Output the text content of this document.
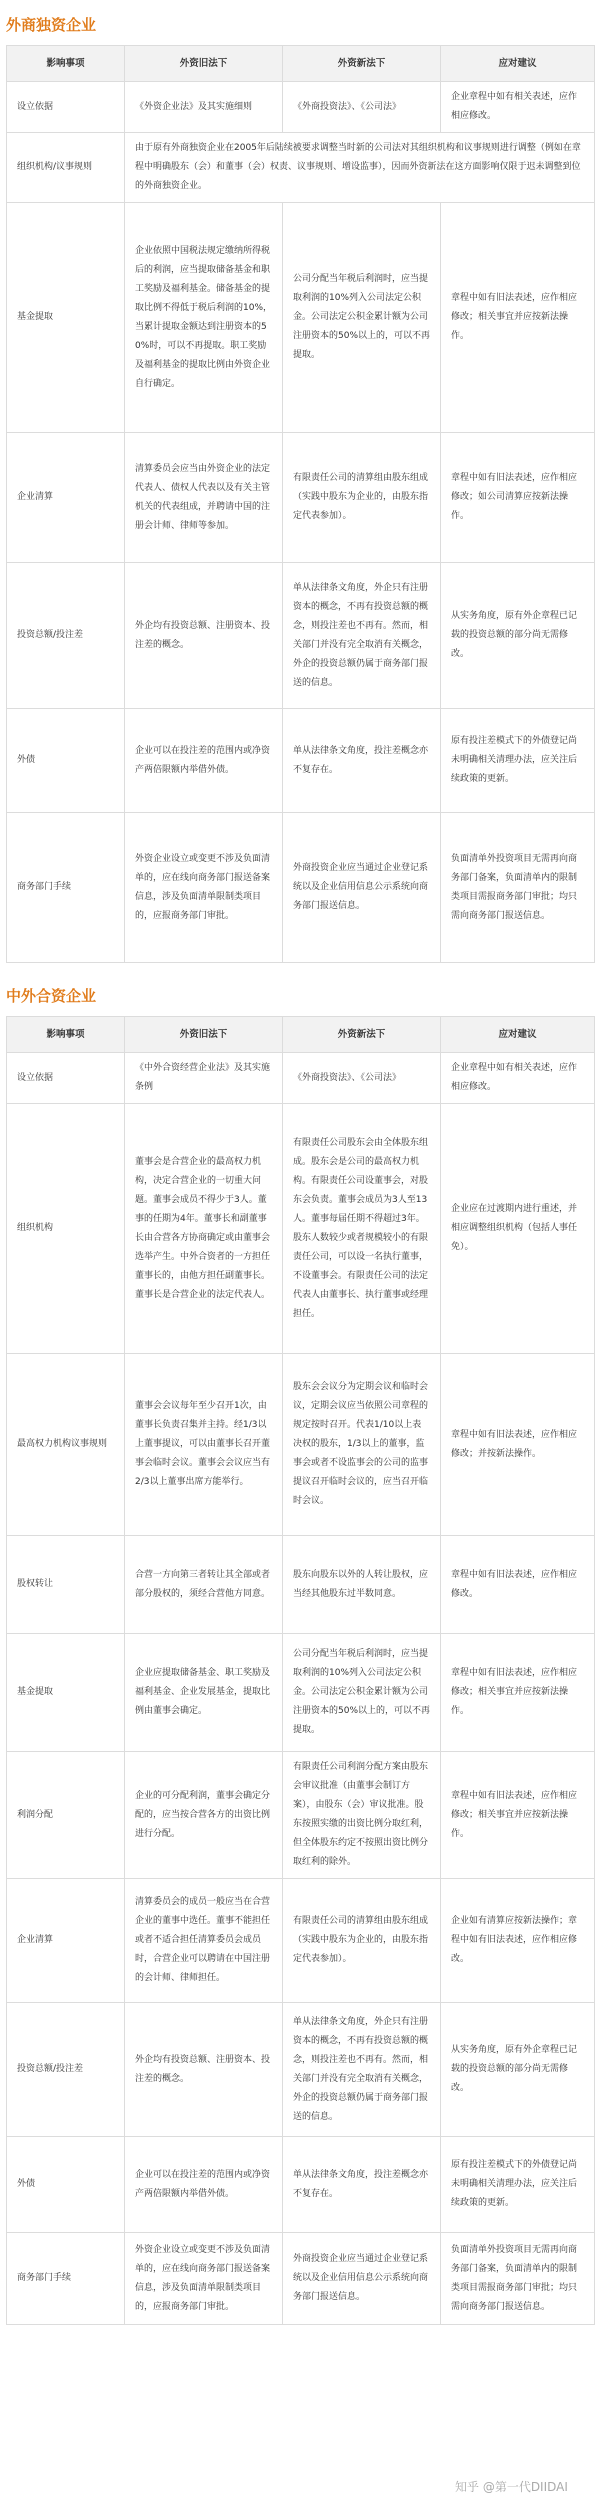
外商独资企业
影响事项	外资旧法下	外资新法下	应对建议
设立依据	《外资企业法》及其实施细则	《外商投资法》、《公司法》	企业章程中如有相关表述，应作相应修改。
组织机构/议事规则	由于原有外商独资企业在2005年后陆续被要求调整当时新的公司法对其组织机构和议事规则进行调整（例如在章程中明确股东（会）和董事（会）权责、议事规则、增设监事），因而外资新法在这方面影响仅限于迟未调整到位的外商独资企业。		
基金提取	企业依照中国税法规定缴纳所得税后的利润，应当提取储备基金和职工奖励及福利基金。储备基金的提取比例不得低于税后利润的10%，当累计提取金额达到注册资本的50%时，可以不再提取。职工奖励及福利基金的提取比例由外资企业自行确定。	公司分配当年税后利润时，应当提取利润的10%列入公司法定公积金。公司法定公积金累计额为公司注册资本的50%以上的，可以不再提取。	章程中如有旧法表述，应作相应修改；相关事宜并应按新法操作。
企业清算	清算委员会应当由外资企业的法定代表人、债权人代表以及有关主管机关的代表组成，并聘请中国的注册会计师、律师等参加。	有限责任公司的清算组由股东组成（实践中股东为企业的，由股东指定代表参加）。	章程中如有旧法表述，应作相应修改；如公司清算应按新法操作。
投资总额/投注差	外企均有投资总额、注册资本、投注差的概念。	单从法律条文角度，外企只有注册资本的概念，不再有投资总额的概念，则投注差也不再有。然而，相关部门并没有完全取消有关概念，外企的投资总额仍属于商务部门报送的信息。	从实务角度，原有外企章程已记载的投资总额的部分尚无需修改。
外债	企业可以在投注差的范围内或净资产两倍限额内举借外债。	单从法律条文角度，投注差概念亦不复存在。	原有投注差模式下的外债登记尚未明确相关清理办法，应关注后续政策的更新。
商务部门手续	外资企业设立或变更不涉及负面清单的，应在线向商务部门报送备案信息，涉及负面清单限制类项目的，应报商务部门审批。	外商投资企业应当通过企业登记系统以及企业信用信息公示系统向商务部门报送信息。	负面清单外投资项目无需再向商务部门备案，负面清单内的限制类项目需报商务部门审批；均只需向商务部门报送信息。
中外合资企业
影响事项	外资旧法下	外资新法下	应对建议
设立依据	《中外合资经营企业法》及其实施条例	《外商投资法》、《公司法》	企业章程中如有相关表述，应作相应修改。
组织机构	董事会是合营企业的最高权力机构，决定合营企业的一切重大问题。董事会成员不得少于3人。董事的任期为4年。董事长和副董事长由合营各方协商确定或由董事会选举产生。中外合资者的一方担任董事长的，由他方担任副董事长。董事长是合营企业的法定代表人。	有限责任公司股东会由全体股东组成。股东会是公司的最高权力机构。有限责任公司设董事会，对股东会负责。董事会成员为3人至13人。董事每届任期不得超过3年。股东人数较少或者规模较小的有限责任公司，可以设一名执行董事，不设董事会。有限责任公司的法定代表人由董事长、执行董事或经理担任。	企业应在过渡期内进行重述，并相应调整组织机构（包括人事任免）。
最高权力机构议事规则	董事会会议每年至少召开1次，由董事长负责召集并主持。经1/3以上董事提议，可以由董事长召开董事会临时会议。董事会会议应当有2/3以上董事出席方能举行。	股东会会议分为定期会议和临时会议，定期会议应当依照公司章程的规定按时召开。代表1/10以上表决权的股东，1/3以上的董事，监事会或者不设监事会的公司的监事提议召开临时会议的，应当召开临时会议。	章程中如有旧法表述，应作相应修改；并按新法操作。
股权转让	合营一方向第三者转让其全部或者部分股权的，须经合营他方同意。	股东向股东以外的人转让股权，应当经其他股东过半数同意。	章程中如有旧法表述，应作相应修改。
基金提取	企业应提取储备基金、职工奖励及福利基金、企业发展基金，提取比例由董事会确定。	公司分配当年税后利润时，应当提取利润的10%列入公司法定公积金。公司法定公积金累计额为公司注册资本的50%以上的，可以不再提取。	章程中如有旧法表述，应作相应修改；相关事宜并应按新法操作。
利润分配	企业的可分配利润，董事会确定分配的，应当按合营各方的出资比例进行分配。	有限责任公司利润分配方案由股东会审议批准（由董事会制订方案），由股东（会）审议批准。股东按照实缴的出资比例分取红利，但全体股东约定不按照出资比例分取红利的除外。	章程中如有旧法表述，应作相应修改；相关事宜并应按新法操作。
企业清算	清算委员会的成员一般应当在合营企业的董事中选任。董事不能担任或者不适合担任清算委员会成员时，合营企业可以聘请在中国注册的会计师、律师担任。	有限责任公司的清算组由股东组成（实践中股东为企业的，由股东指定代表参加）。	企业如有清算应按新法操作；章程中如有旧法表述，应作相应修改。
投资总额/投注差	外企均有投资总额、注册资本、投注差的概念。	单从法律条文角度，外企只有注册资本的概念，不再有投资总额的概念，则投注差也不再有。然而，相关部门并没有完全取消有关概念，外企的投资总额仍属于商务部门报送的信息。	从实务角度，原有外企章程已记载的投资总额的部分尚无需修改。
外债	企业可以在投注差的范围内或净资产两倍限额内举借外债。	单从法律条文角度，投注差概念亦不复存在。	原有投注差模式下的外债登记尚未明确相关清理办法，应关注后续政策的更新。
商务部门手续	外资企业设立或变更不涉及负面清单的，应在线向商务部门报送备案信息，涉及负面清单限制类项目的，应报商务部门审批。	外商投资企业应当通过企业登记系统以及企业信用信息公示系统向商务部门报送信息。	负面清单外投资项目无需再向商务部门备案，负面清单内的限制类项目需报商务部门审批；均只需向商务部门报送信息。
知乎 @第一代DIIDAI
